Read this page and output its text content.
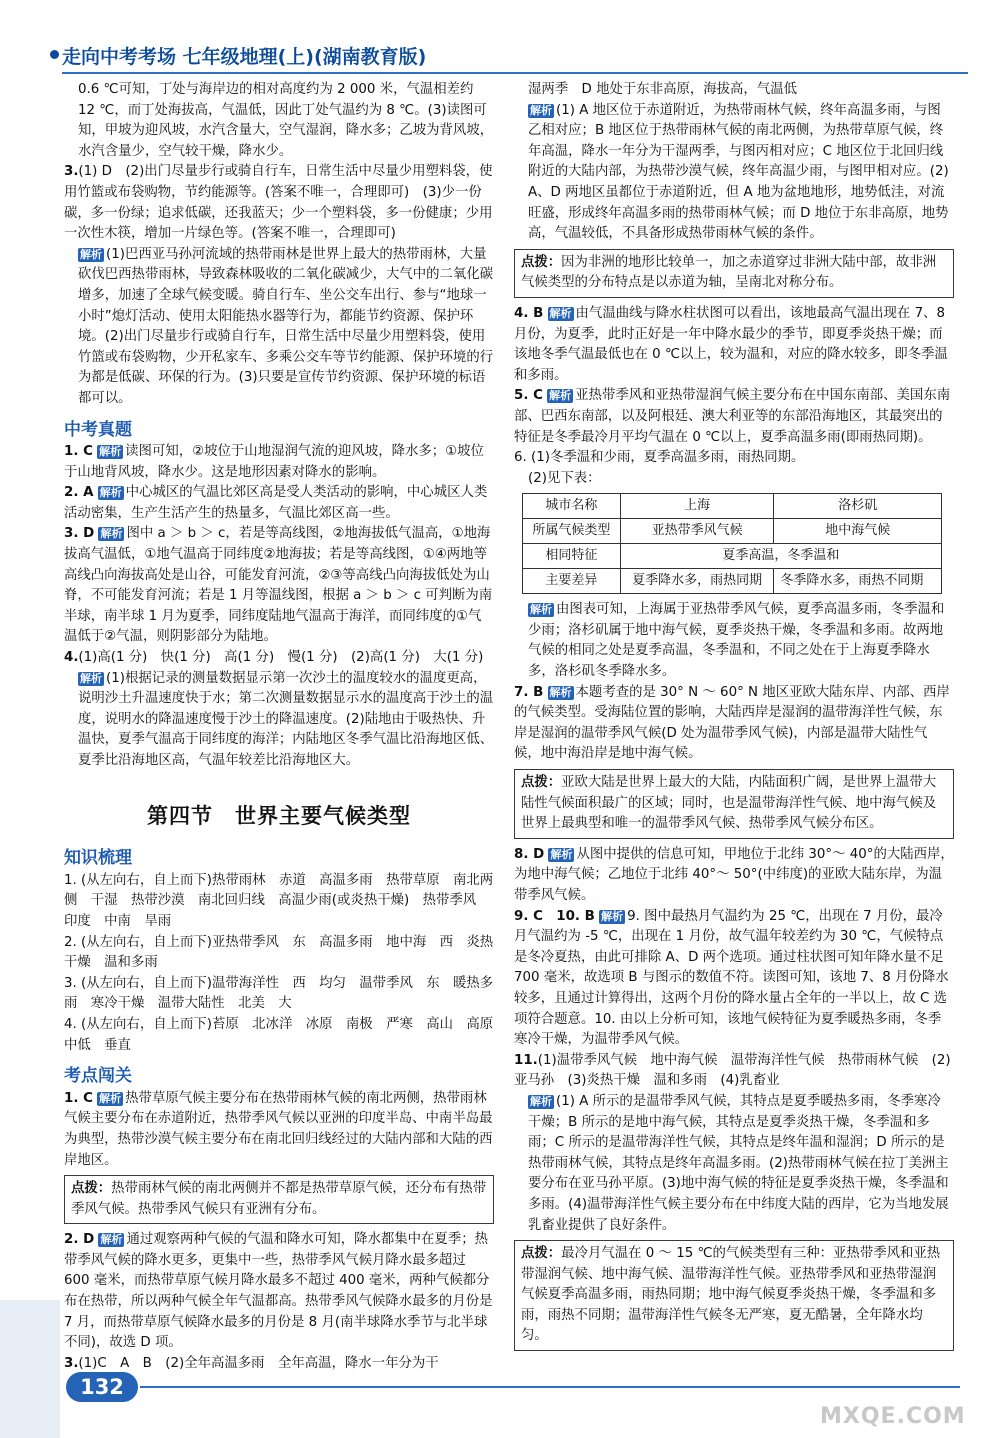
走向中考考场 七年级地理(上)(湖南教育版)

0.6 ℃可知，丁处与海岸边的相对高度约为 2 000 米，气温相差约 12 ℃，而丁处海拔高，气温低，因此丁处气温约为 8 ℃。(3)读图可知，甲坡为迎风坡，水汽含量大，空气湿润，降水多；乙坡为背风坡，水汽含量少，空气较干燥，降水少。

3.(1) D　(2)出门尽量步行或骑自行车，日常生活中尽量少用塑料袋，使用竹篮或布袋购物，节约能源等。(答案不唯一，合理即可)　(3)少一份碳，多一份绿；追求低碳，还我蓝天；少一个塑料袋，多一份健康；少用一次性木筷，增加一片绿色等。(答案不唯一，合理即可)

解析 (1)巴西亚马孙河流域的热带雨林是世界上最大的热带雨林，大量砍伐巴西热带雨林，导致森林吸收的二氧化碳减少，大气中的二氧化碳增多，加速了全球气候变暖。骑自行车、坐公交车出行、参与“地球一小时”熄灯活动、使用太阳能热水器等行为，都能节约资源、保护环境。(2)出门尽量步行或骑自行车，日常生活中尽量少用塑料袋，使用竹篮或布袋购物，少开私家车、多乘公交车等节约能源、保护环境的行为都是低碳、环保的行为。(3)只要是宣传节约资源、保护环境的标语都可以。

中考真题

1. C 解析 读图可知，②坡位于山地湿润气流的迎风坡，降水多；①坡位于山地背风坡，降水少。这是地形因素对降水的影响。

2. A 解析 中心城区的气温比郊区高是受人类活动的影响，中心城区人类活动密集，生产生活产生的热量多，气温比郊区高一些。

3. D 解析 图中 a ＞ b ＞ c，若是等高线图，②地海拔低气温高，①地海拔高气温低，①地气温高于同纬度②地海拔；若是等高线图，①④两地等高线凸向海拔高处是山谷，可能发育河流，②③等高线凸向海拔低处为山脊，不可能发育河流；若是 1 月等温线图，根据 a ＞ b ＞ c 可判断为南半球，南半球 1 月为夏季，同纬度陆地气温高于海洋，而同纬度的①气温低于②气温，则阴影部分为陆地。

4.(1)高(1 分)　快(1 分)　高(1 分)　慢(1 分)　(2)高(1 分)　大(1 分)

解析 (1)根据记录的测量数据显示第一次沙土的温度较水的温度更高，说明沙土升温速度快于水；第二次测量数据显示水的温度高于沙土的温度，说明水的降温速度慢于沙土的降温速度。(2)陆地由于吸热快、升温快，夏季气温高于同纬度的海洋；内陆地区冬季气温比沿海地区低、夏季比沿海地区高，气温年较差比沿海地区大。

第四节　世界主要气候类型
知识梳理

1. (从左向右，自上而下)热带雨林　赤道　高温多雨　热带草原　南北两侧　干湿　热带沙漠　南北回归线　高温少雨(或炎热干燥)　热带季风　印度　中南　旱雨

2. (从左向右，自上而下)亚热带季风　东　高温多雨　地中海　西　炎热干燥　温和多雨

3. (从左向右，自上而下)温带海洋性　西　均匀　温带季风　东　暖热多雨　寒冷干燥　温带大陆性　北美　大

4. (从左向右，自上而下)苔原　北冰洋　冰原　南极　严寒　高山　高原　中低　垂直

考点闯关

1. C 解析 热带草原气候主要分布在热带雨林气候的南北两侧，热带雨林气候主要分布在赤道附近，热带季风气候以亚洲的印度半岛、中南半岛最为典型，热带沙漠气候主要分布在南北回归线经过的大陆内部和大陆的西岸地区。

点拨：热带雨林气候的南北两侧并不都是热带草原气候，还分布有热带季风气候。热带季风气候只有亚洲有分布。

2. D 解析 通过观察两种气候的气温和降水可知，降水都集中在夏季；热带季风气候的降水更多，更集中一些，热带季风气候月降水最多超过 600 毫米，而热带草原气候月降水最多不超过 400 毫米，两种气候都分布在热带，所以两种气候全年气温都高。热带季风气候降水最多的月份是 7 月，而热带草原气候降水最多的月份是 8 月(南半球降水季节与北半球不同)，故选 D 项。

3.(1)C　A　B　(2)全年高温多雨　全年高温，降水一年分为干

湿两季　D 地处于东非高原，海拔高，气温低

解析 (1) A 地区位于赤道附近，为热带雨林气候，终年高温多雨，与图乙相对应；B 地区位于热带雨林气候的南北两侧，为热带草原气候，终年高温，降水一年分为干湿两季，与图丙相对应；C 地区位于北回归线附近的大陆内部，为热带沙漠气候，终年高温少雨，与图甲相对应。(2) A、D 两地区虽都位于赤道附近，但 A 地为盆地地形，地势低洼，对流旺盛，形成终年高温多雨的热带雨林气候；而 D 地位于东非高原，地势高，气温较低，不具备形成热带雨林气候的条件。

点拨：因为非洲的地形比较单一，加之赤道穿过非洲大陆中部，故非洲气候类型的分布特点是以赤道为轴，呈南北对称分布。

4. B 解析 由气温曲线与降水柱状图可以看出，该地最高气温出现在 7、8 月份，为夏季，此时正好是一年中降水最少的季节，即夏季炎热干燥；而该地冬季气温最低也在 0 ℃以上，较为温和，对应的降水较多，即冬季温和多雨。

5. C 解析 亚热带季风和亚热带湿润气候主要分布在中国东南部、美国东南部、巴西东南部，以及阿根廷、澳大利亚等的东部沿海地区，其最突出的特征是冬季最冷月平均气温在 0 ℃以上，夏季高温多雨(即雨热同期)。

6. (1)冬季温和少雨，夏季高温多雨，雨热同期。

(2)见下表：

城市名称	上海	洛杉矶
所属气候类型	亚热带季风气候	地中海气候
相同特征	夏季高温，冬季温和	
主要差异	夏季降水多，雨热同期	冬季降水多，雨热不同期

解析 由图表可知，上海属于亚热带季风气候，夏季高温多雨，冬季温和少雨；洛杉矶属于地中海气候，夏季炎热干燥，冬季温和多雨。故两地气候的相同之处是夏季高温，冬季温和，不同之处在于上海夏季降水多，洛杉矶冬季降水多。

7. B 解析 本题考查的是 30° N ～ 60° N 地区亚欧大陆东岸、内部、西岸的气候类型。受海陆位置的影响，大陆西岸是湿润的温带海洋性气候，东岸是湿润的温带季风气候(D 处为温带季风气候)，内部是温带大陆性气候，地中海沿岸是地中海气候。

点拨：亚欧大陆是世界上最大的大陆，内陆面积广阔，是世界上温带大陆性气候面积最广的区域；同时，也是温带海洋性气候、地中海气候及世界上最典型和唯一的温带季风气候、热带季风气候分布区。

8. D 解析 从图中提供的信息可知，甲地位于北纬 30°～ 40°的大陆西岸，为地中海气候；乙地位于北纬 40°～ 50°(中纬度)的亚欧大陆东岸，为温带季风气候。

9. C　10. B 解析 9. 图中最热月气温约为 25 ℃，出现在 7 月份，最冷月气温约为 -5 ℃，出现在 1 月份，故气温年较差约为 30 ℃，气候特点是冬冷夏热，由此可排除 A、D 两个选项。通过柱状图可知年降水量不足 700 毫米，故选项 B 与图示的数值不符。读图可知，该地 7、8 月份降水较多，且通过计算得出，这两个月份的降水量占全年的一半以上，故 C 选项符合题意。10. 由以上分析可知，该地气候特征为夏季暖热多雨，冬季寒冷干燥，为温带季风气候。

11.(1)温带季风气候　地中海气候　温带海洋性气候　热带雨林气候　(2)亚马孙　(3)炎热干燥　温和多雨　(4)乳畜业

解析 (1) A 所示的是温带季风气候，其特点是夏季暖热多雨，冬季寒冷干燥；B 所示的是地中海气候，其特点是夏季炎热干燥，冬季温和多雨；C 所示的是温带海洋性气候，其特点是终年温和湿润；D 所示的是热带雨林气候，其特点是终年高温多雨。(2)热带雨林气候在拉丁美洲主要分布在亚马孙平原。(3)地中海气候的特征是夏季炎热干燥，冬季温和多雨。(4)温带海洋性气候主要分布在中纬度大陆的西岸，它为当地发展乳畜业提供了良好条件。

点拨：最冷月气温在 0 ～ 15 ℃的气候类型有三种：亚热带季风和亚热带湿润气候、地中海气候、温带海洋性气候。亚热带季风和亚热带湿润气候夏季高温多雨，雨热同期；地中海气候夏季炎热干燥，冬季温和多雨，雨热不同期；温带海洋性气候冬无严寒，夏无酷暑，全年降水均匀。
132
MXQE.COM
